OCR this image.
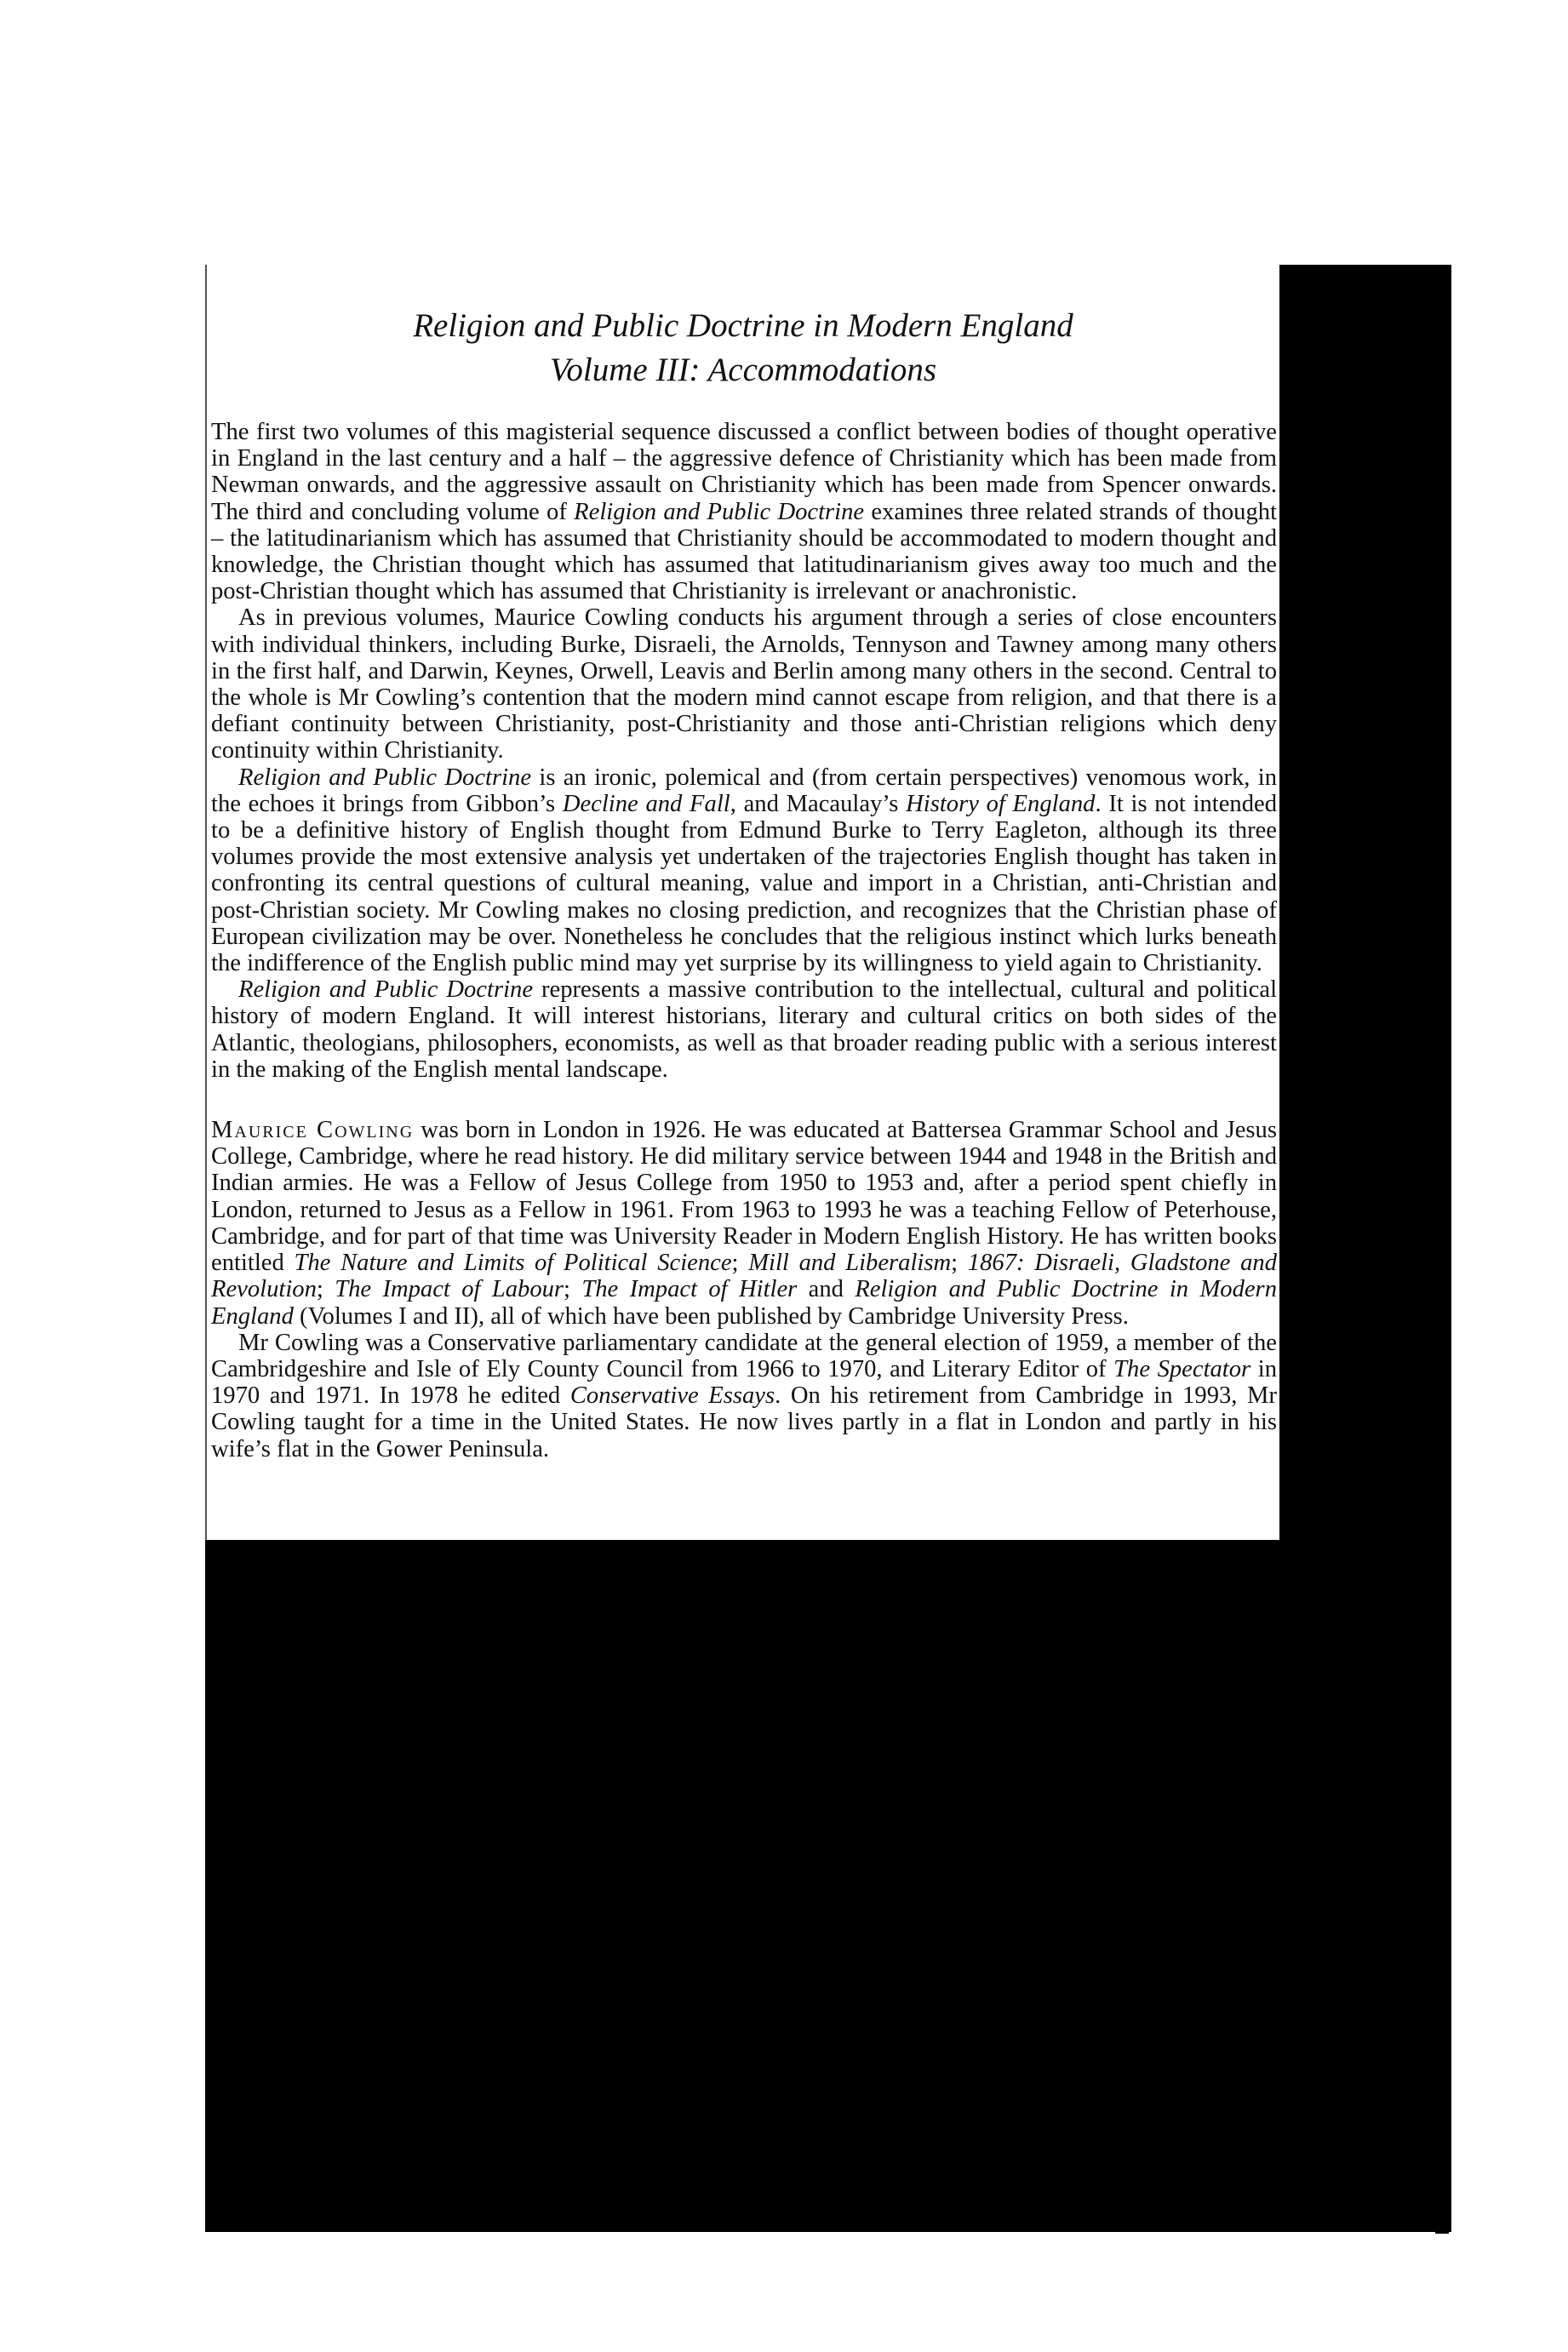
Religion and Public Doctrine in Modern England
Volume III: Accommodations

The first two volumes of this magisterial sequence discussed a conflict between bodies of thought operative in England in the last century and a half – the aggressive defence of Christianity which has been made from Newman onwards, and the aggressive assault on Christianity which has been made from Spencer onwards. The third and concluding volume of Religion and Public Doctrine examines three related strands of thought – the latitudinarianism which has assumed that Christianity should be accommodated to modern thought and knowledge, the Christian thought which has assumed that latitudinarianism gives away too much and the post-Christian thought which has assumed that Christianity is irrelevant or anachronistic.

As in previous volumes, Maurice Cowling conducts his argument through a series of close encounters with individual thinkers, including Burke, Disraeli, the Arnolds, Tennyson and Tawney among many others in the first half, and Darwin, Keynes, Orwell, Leavis and Berlin among many others in the second. Central to the whole is Mr Cowling’s contention that the modern mind cannot escape from religion, and that there is a defiant continuity between Christianity, post-Christianity and those anti-Christian religions which deny continuity within Christianity.

Religion and Public Doctrine is an ironic, polemical and (from certain perspectives) venomous work, in the echoes it brings from Gibbon’s Decline and Fall, and Macaulay’s History of England. It is not intended to be a definitive history of English thought from Edmund Burke to Terry Eagleton, although its three volumes provide the most extensive analysis yet undertaken of the trajectories English thought has taken in confronting its central questions of cultural meaning, value and import in a Christian, anti-Christian and post-Christian society. Mr Cowling makes no closing prediction, and recognizes that the Christian phase of European civilization may be over. Nonetheless he concludes that the religious instinct which lurks beneath the indifference of the English public mind may yet surprise by its willingness to yield again to Christianity.

Religion and Public Doctrine represents a massive contribution to the intellectual, cultural and political history of modern England. It will interest historians, literary and cultural critics on both sides of the Atlantic, theologians, philosophers, economists, as well as that broader reading public with a serious interest in the making of the English mental landscape.

Maurice Cowling was born in London in 1926. He was educated at Battersea Grammar School and Jesus College, Cambridge, where he read history. He did military service between 1944 and 1948 in the British and Indian armies. He was a Fellow of Jesus College from 1950 to 1953 and, after a period spent chiefly in London, returned to Jesus as a Fellow in 1961. From 1963 to 1993 he was a teaching Fellow of Peterhouse, Cambridge, and for part of that time was University Reader in Modern English History. He has written books entitled The Nature and Limits of Political Science; Mill and Liberalism; 1867: Disraeli, Gladstone and Revolution; The Impact of Labour; The Impact of Hitler and Religion and Public Doctrine in Modern England (Volumes I and II), all of which have been published by Cambridge University Press.

Mr Cowling was a Conservative parliamentary candidate at the general election of 1959, a member of the Cambridgeshire and Isle of Ely County Council from 1966 to 1970, and Literary Editor of The Spectator in 1970 and 1971. In 1978 he edited Conservative Essays. On his retirement from Cambridge in 1993, Mr Cowling taught for a time in the United States. He now lives partly in a flat in London and partly in his wife’s flat in the Gower Peninsula.
